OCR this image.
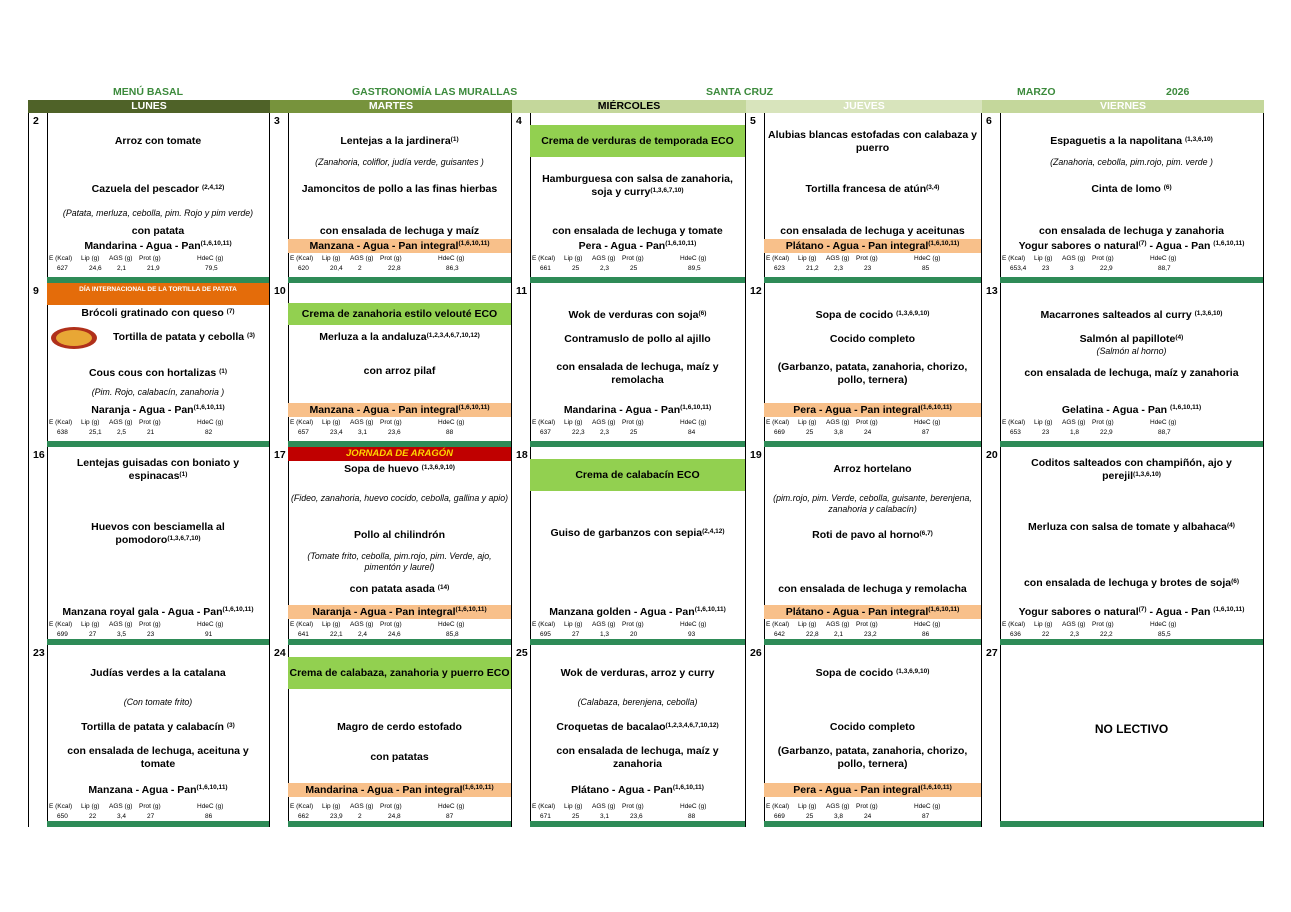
MENÚ BASAL	GASTRONOMÍA LAS MURALLAS	SANTA CRUZ	MARZO	2026
LUNES	MARTES	MIÉRCOLES	JUEVES	VIERNES
2
Arroz con tomate
Cazuela del pescador $^{(2,4,12)}$
(Patata, merluza, cebolla, pim. Rojo y pim verde)
con patata
Mandarina - Agua - Pan$^{(1,6,10,11)}$
E (Kcal) Lip (g) AGS (g) Prot (g)	HdeC (g)
627	24,6 2,1	21,9	79,5
3
Lentejas a la jardinera$^{(1)}$
(Zanahoria, coliflor, judía verde, guisantes )
Jamoncitos de pollo a las finas hierbas
con ensalada de lechuga y maíz
Manzana - Agua - Pan integral$^{(1,6,10,11)}$
E (Kcal) Lip (g) AGS (g) Prot (g)	HdeC (g)
620	20,4 2	22,8	86,3
4
Crema de verduras de temporada ECO
Hamburguesa con salsa de zanahoria, soja y curry$^{(1,3,6,7,10)}$
con ensalada de lechuga y tomate
Pera - Agua - Pan$^{(1,6,10,11)}$
E (Kcal) Lip (g) AGS (g) Prot (g)	HdeC (g)
661	25	2,3	25	89,5
5
Alubias blancas estofadas con calabaza y puerro
Tortilla francesa de atún$^{(3,4)}$
con ensalada de lechuga y aceitunas
Plátano - Agua - Pan integral$^{(1,6,10,11)}$
E (Kcal) Lip (g) AGS (g) Prot (g)	HdeC (g)
623	21,2 2,3	23	85
6
Espaguetis a la napolitana $^{(1,3,6,10)}$
(Zanahoria, cebolla, pim.rojo, pim. verde )
Cinta de lomo $^{(6)}$
con ensalada de lechuga y zanahoria
Yogur sabores o natural$^{(7)}$ - Agua - Pan $^{(1,6,10,11)}$
E (Kcal) Lip (g) AGS (g) Prot (g)	HdeC (g)
653,4 23	3	22,9	88,7
9	DÍA INTERNACIONAL DE LA TORTILLA DE PATATA
Brócoli gratinado con queso $^{(7)}$
Tortilla de patata y cebolla $^{(3)}$
Cous cous con hortalizas $^{(1)}$
(Pim. Rojo, calabacín, zanahoria )
Naranja - Agua - Pan$^{(1,6,10,11)}$
E (Kcal) Lip (g) AGS (g) Prot (g)	HdeC (g)
638	25,1 2,5	21	82
10
Crema de zanahoria estilo velouté ECO
Merluza a la andaluza$^{(1,2,3,4,6,7,10,12)}$
con arroz pilaf
Manzana - Agua - Pan integral$^{(1,6,10,11)}$
E (Kcal) Lip (g) AGS (g) Prot (g)	HdeC (g)
657	23,4 3,1	23,6	88
11
Wok de verduras con soja$^{(6)}$
Contramuslo de pollo al ajillo
con ensalada de lechuga, maíz y remolacha
Mandarina - Agua - Pan$^{(1,6,10,11)}$
E (Kcal) Lip (g) AGS (g) Prot (g)	HdeC (g)
637	22,3 2,3	25	84
12
Sopa de cocido $^{(1,3,6,9,10)}$
Cocido completo
(Garbanzo, patata, zanahoria, chorizo, pollo, ternera)
Pera - Agua - Pan integral$^{(1,6,10,11)}$
E (Kcal) Lip (g) AGS (g) Prot (g)	HdeC (g)
669	25	3,8	24	87
13
Macarrones salteados al curry $^{(1,3,6,10)}$
Salmón al papillote$^{(4)}$
(Salmón al horno)
con ensalada de lechuga, maíz y zanahoria
Gelatina - Agua - Pan $^{(1,6,10,11)}$
E (Kcal) Lip (g) AGS (g) Prot (g)	HdeC (g)
653	23	1,8	22,9	88,7
16
Lentejas guisadas con boniato y espinacas$^{(1)}$
Huevos con besciamella al pomodoro$^{(1,3,6,7,10)}$
Manzana royal gala - Agua - Pan$^{(1,6,10,11)}$
E (Kcal) Lip (g) AGS (g) Prot (g)	HdeC (g)
699	27	3,5	23	91
17	JORNADA DE ARAGÓN
Sopa de huevo $^{(1,3,6,9,10)}$
(Fideo, zanahoria, huevo cocido, cebolla, gallina y apio)
Pollo al chilindrón
(Tomate frito, cebolla, pim.rojo, pim. Verde, ajo, pimentón y laurel)
con patata asada $^{(14)}$
Naranja - Agua - Pan integral$^{(1,6,10,11)}$
E (Kcal) Lip (g) AGS (g) Prot (g)	HdeC (g)
641	22,1 2,4	24,6	85,8
18
Crema de calabacín ECO
Guiso de garbanzos con sepia$^{(2,4,12)}$
Manzana golden - Agua - Pan$^{(1,6,10,11)}$
E (Kcal) Lip (g) AGS (g) Prot (g)	HdeC (g)
695	27	1,3	20	93
19
Arroz hortelano
(pim.rojo, pim. Verde, cebolla, guisante, berenjena, zanahoria y calabacín)
Roti de pavo al horno$^{(6,7)}$
con ensalada de lechuga y remolacha
Plátano - Agua - Pan integral$^{(1,6,10,11)}$
E (Kcal) Lip (g) AGS (g) Prot (g)	HdeC (g)
642	22,8 2,1	23,2	86
20
Coditos salteados con champiñón, ajo y perejil$^{(1,3,6,10)}$
Merluza con salsa de tomate y albahaca$^{(4)}$
con ensalada de lechuga y brotes de soja$^{(6)}$
Yogur sabores o natural$^{(7)}$ - Agua - Pan $^{(1,6,10,11)}$
E (Kcal) Lip (g) AGS (g) Prot (g)	HdeC (g)
636	22	2,3	22,2	85,5
23
Judías verdes a la catalana
(Con tomate frito)
Tortilla de patata y calabacín $^{(3)}$
con ensalada de lechuga, aceituna y tomate
Manzana - Agua - Pan$^{(1,6,10,11)}$
E (Kcal) Lip (g) AGS (g) Prot (g)	HdeC (g)
650	22	3,4	27	86
24
Crema de calabaza, zanahoria y puerro ECO
Magro de cerdo estofado
con patatas
Mandarina - Agua - Pan integral$^{(1,6,10,11)}$
E (Kcal) Lip (g) AGS (g) Prot (g)	HdeC (g)
662	23,9 2	24,8	87
25
Wok de verduras, arroz y curry
(Calabaza, berenjena, cebolla)
Croquetas de bacalao$^{(1,2,3,4,6,7,10,12)}$
con ensalada de lechuga, maíz y zanahoria
Plátano - Agua - Pan$^{(1,6,10,11)}$
E (Kcal) Lip (g) AGS (g) Prot (g)	HdeC (g)
671	25	3,1	23,6	88
26
Sopa de cocido $^{(1,3,6,9,10)}$
Cocido completo
(Garbanzo, patata, zanahoria, chorizo, pollo, ternera)
Pera - Agua - Pan integral$^{(1,6,10,11)}$
E (Kcal) Lip (g) AGS (g) Prot (g)	HdeC (g)
669	25	3,8	24	87
27
NO LECTIVO
